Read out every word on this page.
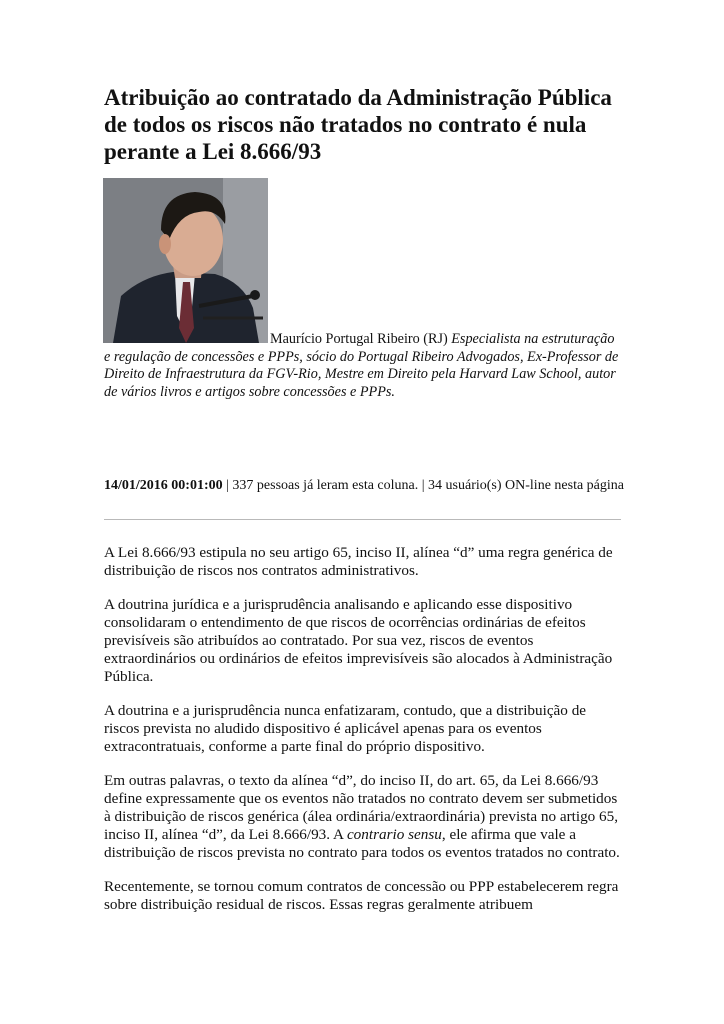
Atribuição ao contratado da Administração Pública de todos os riscos não tratados no contrato é nula perante a Lei 8.666/93

Maurício Portugal Ribeiro (RJ) Especialista na estruturação e regulação de concessões e PPPs, sócio do Portugal Ribeiro Advogados, Ex-Professor de Direito de Infraestrutura da FGV-Rio, Mestre em Direito pela Harvard Law School, autor de vários livros e artigos sobre concessões e PPPs.

14/01/2016 00:01:00 | 337 pessoas já leram esta coluna. | 34 usuário(s) ON-line nesta página

A Lei 8.666/93 estipula no seu artigo 65, inciso II, alínea “d” uma regra genérica de distribuição de riscos nos contratos administrativos.

A doutrina jurídica e a jurisprudência analisando e aplicando esse dispositivo consolidaram o entendimento de que riscos de ocorrências ordinárias de efeitos previsíveis são atribuídos ao contratado. Por sua vez, riscos de eventos extraordinários ou ordinários de efeitos imprevisíveis são alocados à Administração Pública.

A doutrina e a jurisprudência nunca enfatizaram, contudo, que a distribuição de riscos prevista no aludido dispositivo é aplicável apenas para os eventos extracontratuais, conforme a parte final do próprio dispositivo.

Em outras palavras, o texto da alínea “d”, do inciso II, do art. 65, da Lei 8.666/93 define expressamente que os eventos não tratados no contrato devem ser submetidos à distribuição de riscos genérica (álea ordinária/extraordinária) prevista no artigo 65, inciso II, alínea “d”, da Lei 8.666/93. A contrario sensu, ele afirma que vale a distribuição de riscos prevista no contrato para todos os eventos tratados no contrato.

Recentemente, se tornou comum contratos de concessão ou PPP estabelecerem regra sobre distribuição residual de riscos. Essas regras geralmente atribuem
